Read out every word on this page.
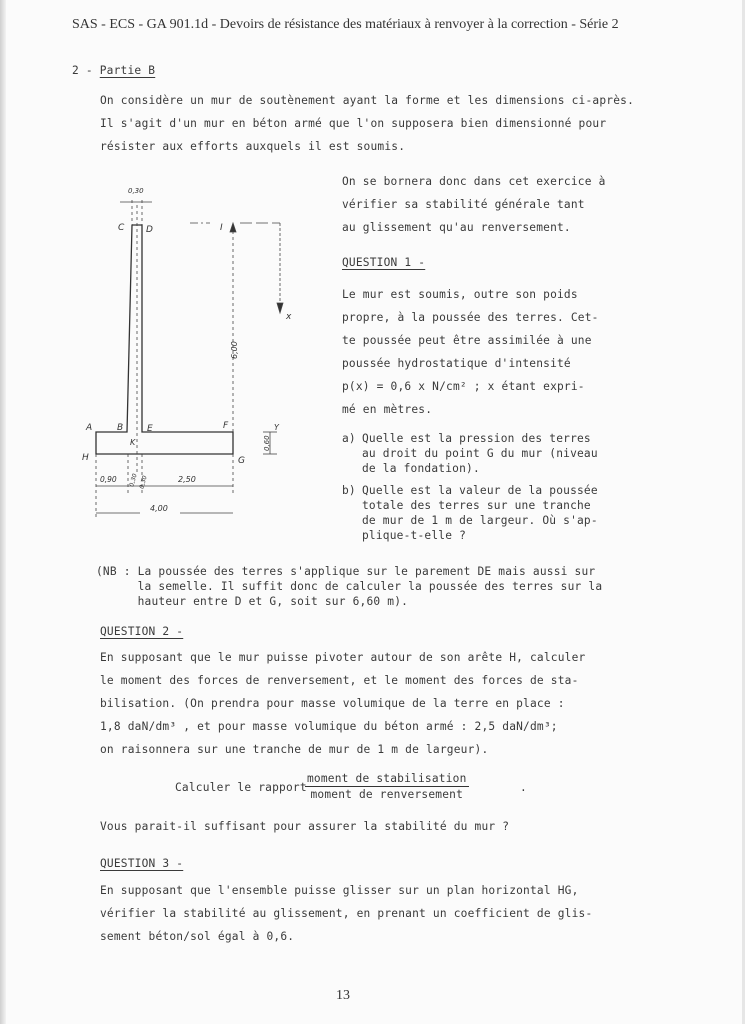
SAS - ECS - GA 901.1d - Devoirs de résistance des matériaux à renvoyer à la correction - Série 2
2 - Partie B
On considère un mur de soutènement ayant la forme et les dimensions ci-après.
Il s'agit d'un mur en béton armé que l'on supposera bien dimensionné pour
résister aux efforts auxquels il est soumis.
0,30
C D	I
x
6,00
A	B	E	F
K
H	G
Y
0,60
0,90 0,30 0,30	2,50
4,00
On se bornera donc dans cet exercice à
vérifier sa stabilité générale tant
au glissement qu'au renversement.
QUESTION 1 -
Le mur est soumis, outre son poids
propre, à la poussée des terres. Cet-
te poussée peut être assimilée à une
poussée hydrostatique d'intensité
p(x) = 0,6 x N/cm² ; x étant expri-
mé en mètres.
a) Quelle est la pression des terres
au droit du point G du mur (niveau
de la fondation).
b) Quelle est la valeur de la poussée
totale des terres sur une tranche
de mur de 1 m de largeur. Où s'ap-
plique-t-elle ?
(NB : La poussée des terres s'applique sur le parement DE mais aussi sur
la semelle. Il suffit donc de calculer la poussée des terres sur la
hauteur entre D et G, soit sur 6,60 m).
QUESTION 2 -
En supposant que le mur puisse pivoter autour de son arête H, calculer
le moment des forces de renversement, et le moment des forces de sta-
bilisation. (On prendra pour masse volumique de la terre en place :
1,8 daN/dm³ , et pour masse volumique du béton armé : 2,5 daN/dm³;
on raisonnera sur une tranche de mur de 1 m de largeur).
Calculer le rapport
moment de stabilisation
moment de renversement
.
Vous parait-il suffisant pour assurer la stabilité du mur ?
QUESTION 3 -
En supposant que l'ensemble puisse glisser sur un plan horizontal HG,
vérifier la stabilité au glissement, en prenant un coefficient de glis-
sement béton/sol égal à 0,6.
13
